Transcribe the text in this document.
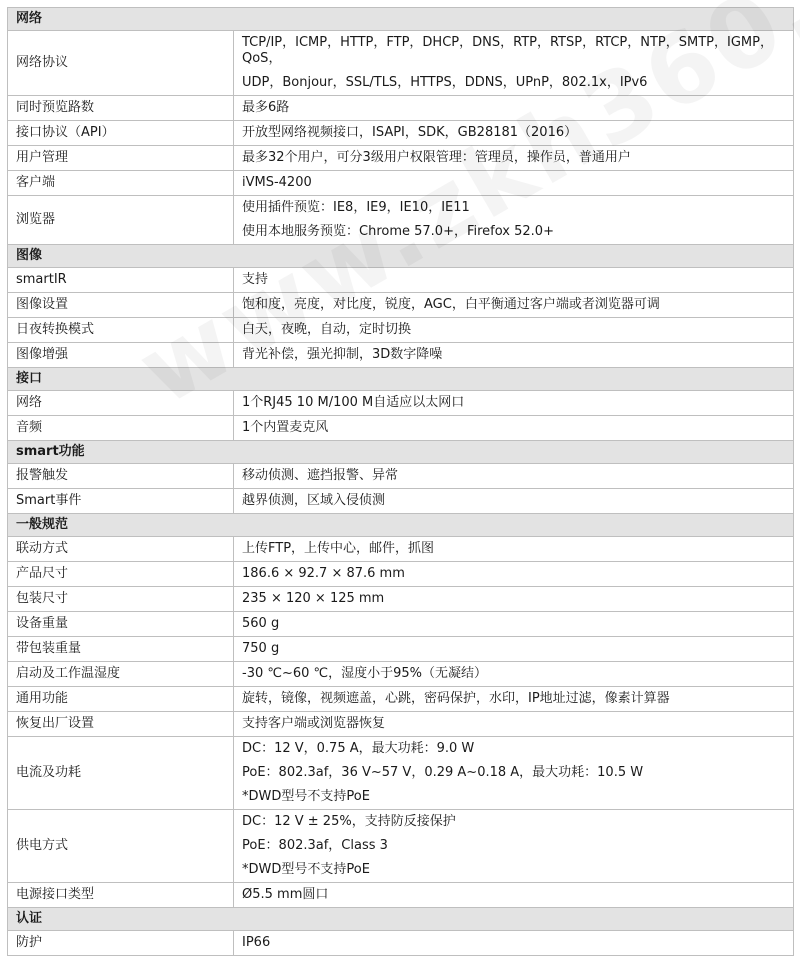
网络	
网络协议	TCP/IP，ICMP，HTTP，FTP，DHCP，DNS，RTP，RTSP，RTCP，NTP，SMTP，IGMP，QoS，
UDP，Bonjour，SSL/TLS，HTTPS，DDNS，UPnP，802.1x，IPv6

同时预览路数	最多6路
接口协议（API）	开放型网络视频接口，ISAPI，SDK，GB28181（2016）
用户管理	最多32个用户，可分3级用户权限管理：管理员，操作员，普通用户
客户端	iVMS-4200
浏览器	使用插件预览：IE8，IE9，IE10，IE11
使用本地服务预览：Chrome 57.0+，Firefox 52.0+

图像	
smartIR	支持
图像设置	饱和度，亮度，对比度，锐度，AGC，白平衡通过客户端或者浏览器可调
日夜转换模式	白天，夜晚，自动，定时切换
图像增强	背光补偿，强光抑制，3D数字降噪
接口	
网络	1个RJ45 10 M/100 M自适应以太网口
音频	1个内置麦克风
smart功能	
报警触发	移动侦测、遮挡报警、异常
Smart事件	越界侦测，区域入侵侦测
一般规范	
联动方式	上传FTP，上传中心，邮件，抓图
产品尺寸	186.6 × 92.7 × 87.6 mm
包装尺寸	235 × 120 × 125 mm
设备重量	560 g
带包装重量	750 g
启动及工作温湿度	-30 ℃~60 ℃，湿度小于95%（无凝结）
通用功能	旋转，镜像，视频遮盖，心跳，密码保护，水印，IP地址过滤，像素计算器
恢复出厂设置	支持客户端或浏览器恢复
电流及功耗	DC：12 V，0.75 A，最大功耗：9.0 W
PoE：802.3af，36 V~57 V，0.29 A~0.18 A，最大功耗：10.5 W
*DWD型号不支持PoE

供电方式	DC：12 V ± 25%，支持防反接保护
PoE：802.3af，Class 3
*DWD型号不支持PoE

电源接口类型	Ø5.5 mm圆口
认证	
防护	IP66
